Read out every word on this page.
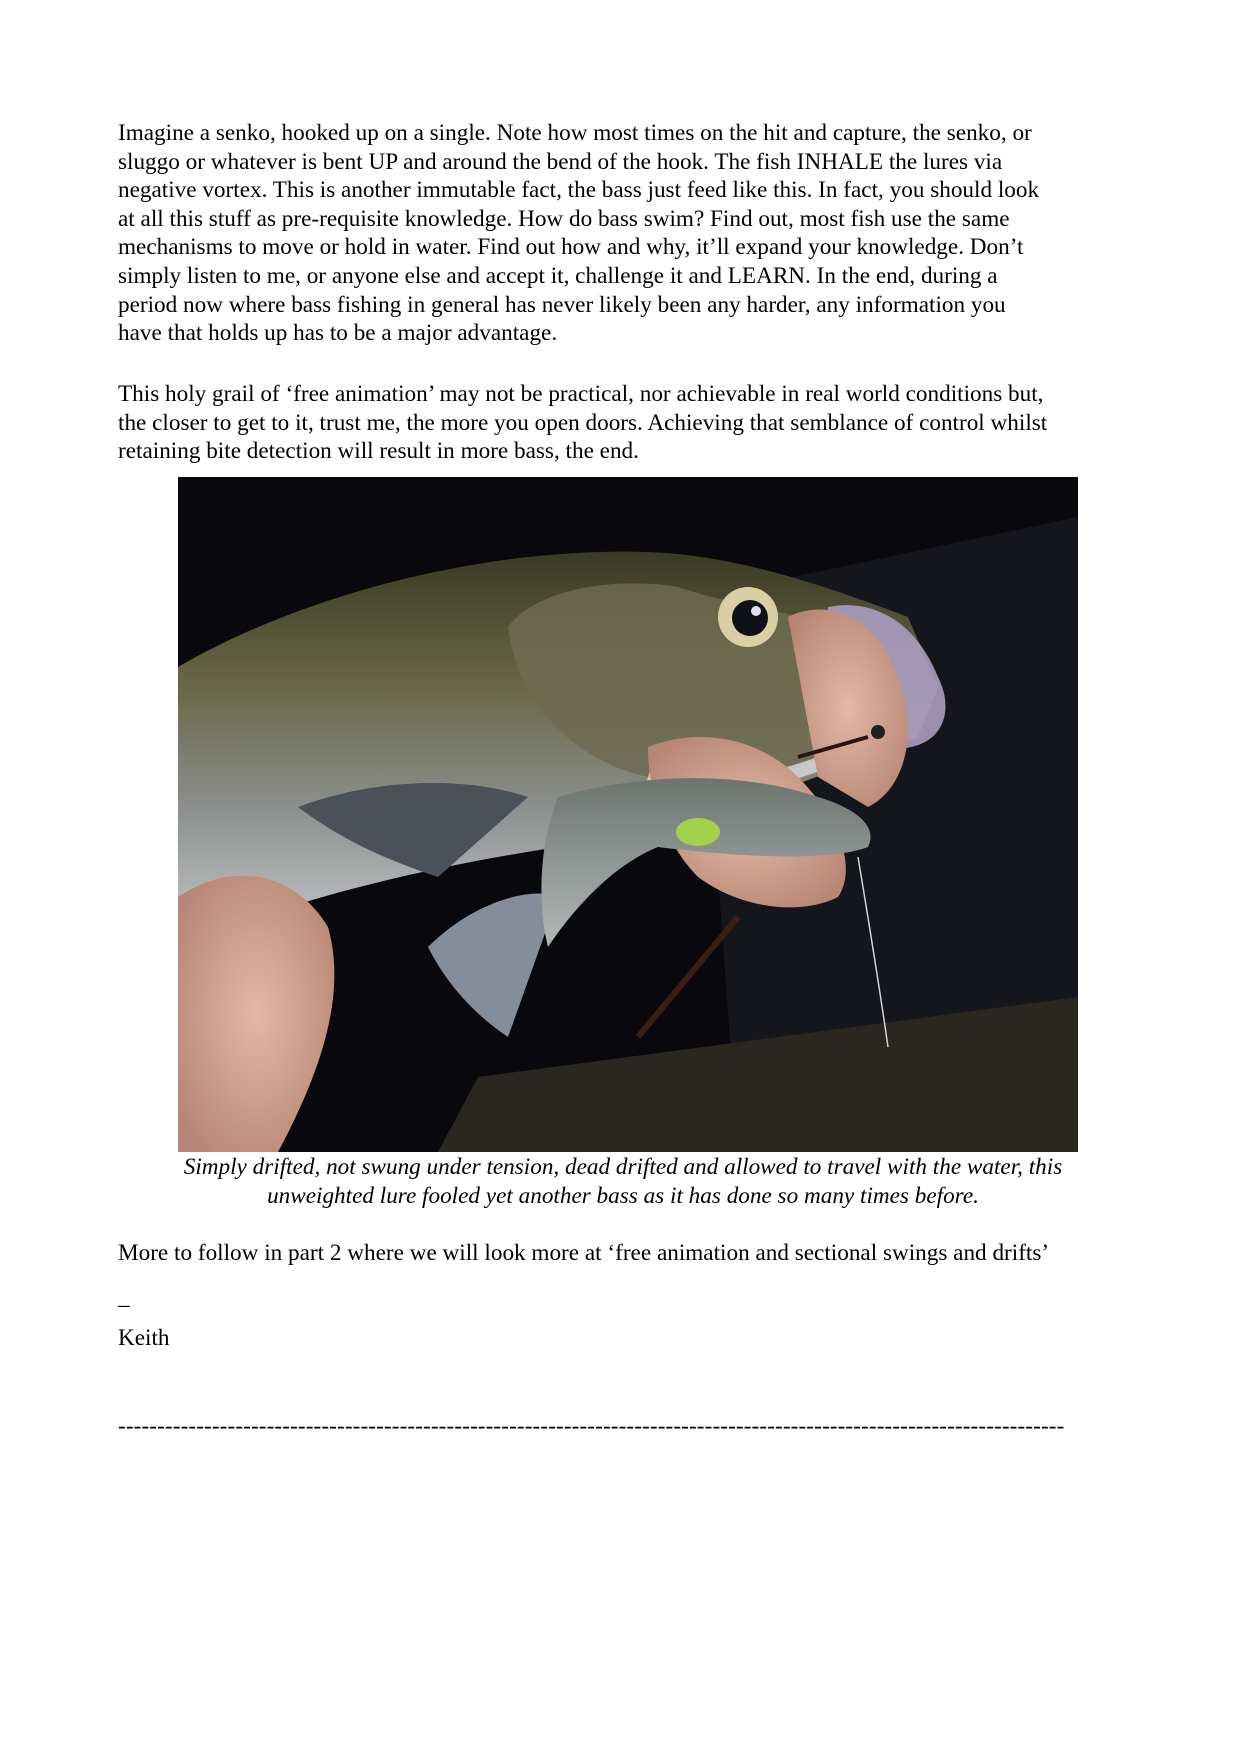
Imagine a senko, hooked up on a single. Note how most times on the hit and capture, the senko, or
sluggo or whatever is bent UP and around the bend of the hook. The fish INHALE the lures via
negative vortex. This is another immutable fact, the bass just feed like this. In fact, you should look
at all this stuff as pre-requisite knowledge. How do bass swim? Find out, most fish use the same
mechanisms to move or hold in water. Find out how and why, it’ll expand your knowledge. Don’t
simply listen to me, or anyone else and accept it, challenge it and LEARN. In the end, during a
period now where bass fishing in general has never likely been any harder, any information you
have that holds up has to be a major advantage.

This holy grail of ‘free animation’ may not be practical, nor achievable in real world conditions but,
the closer to get to it, trust me, the more you open doors. Achieving that semblance of control whilst
retaining bite detection will result in more bass, the end.

Simply drifted, not swung under tension, dead drifted and allowed to travel with the water, this
unweighted lure fooled yet another bass as it has done so many times before.

More to follow in part 2 where we will look more at ‘free animation and sectional swings and drifts’

–
Keith
-------------------------------------------------------------------------------------------------------------------------
